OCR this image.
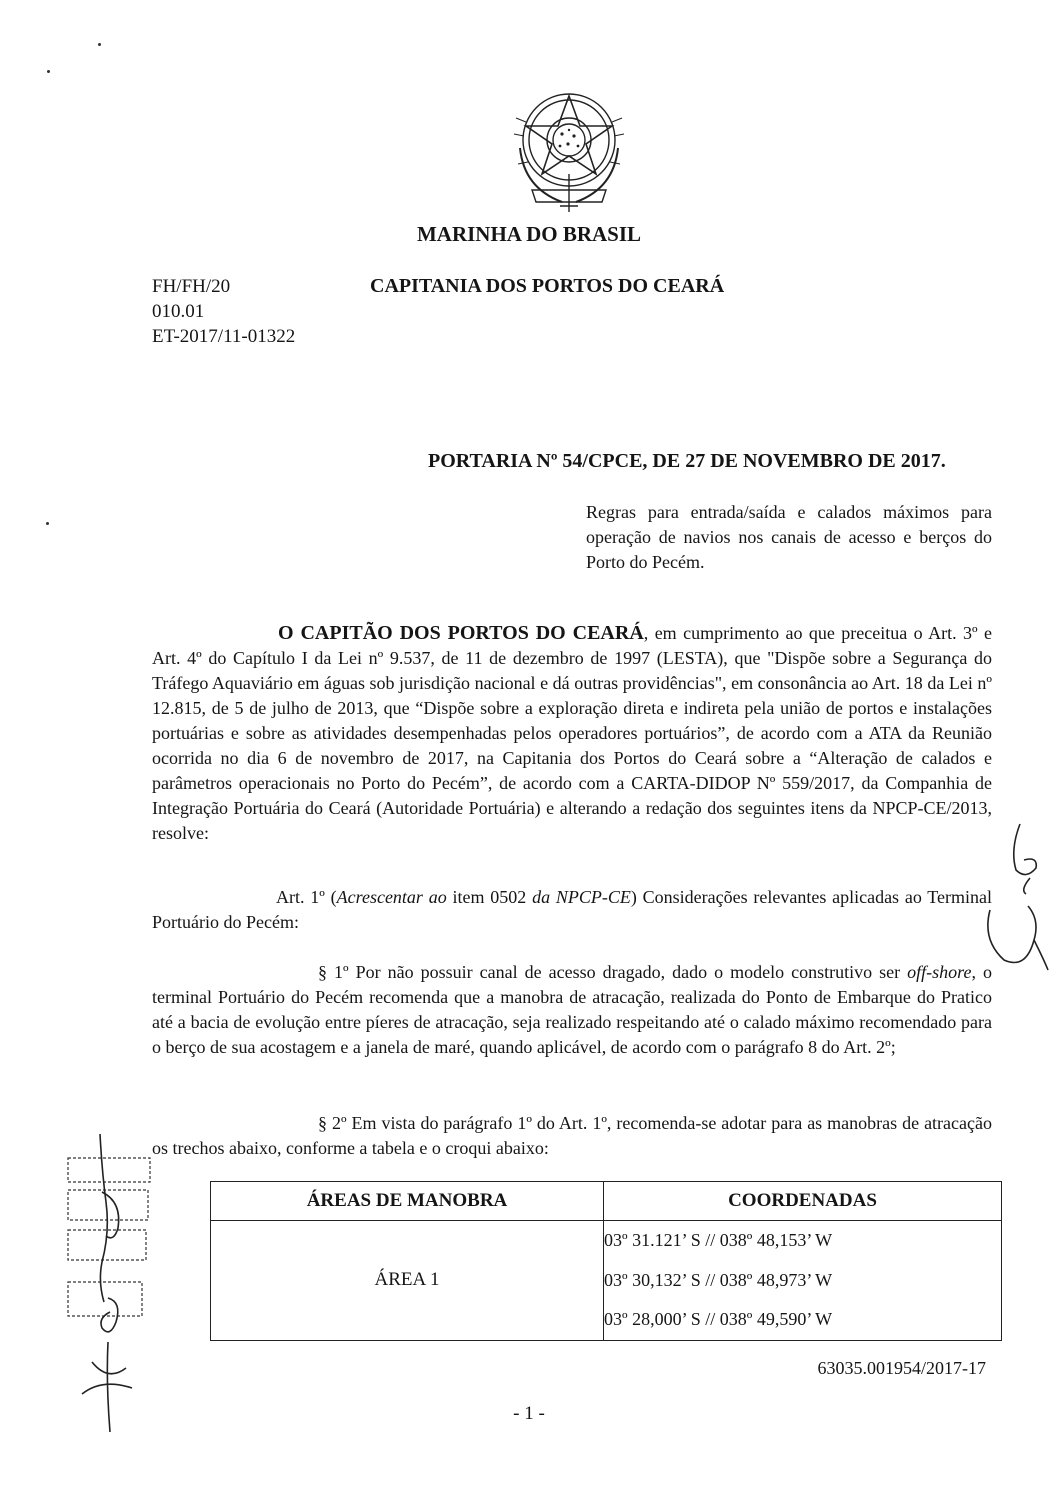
MARINHA DO BRASIL
FH/FH/20
010.01
ET-2017/11-01322
CAPITANIA DOS PORTOS DO CEARÁ
PORTARIA Nº 54/CPCE, DE 27 DE NOVEMBRO DE 2017.
Regras para entrada/saída e calados máximos para operação de navios nos canais de acesso e berços do Porto do Pecém.
O CAPITÃO DOS PORTOS DO CEARÁ, em cumprimento ao que preceitua o Art. 3º e Art. 4º do Capítulo I da Lei nº 9.537, de 11 de dezembro de 1997 (LESTA), que "Dispõe sobre a Segurança do Tráfego Aquaviário em águas sob jurisdição nacional e dá outras providências", em consonância ao Art. 18 da Lei nº 12.815, de 5 de julho de 2013, que “Dispõe sobre a exploração direta e indireta pela união de portos e instalações portuárias e sobre as atividades desempenhadas pelos operadores portuários”, de acordo com a ATA da Reunião ocorrida no dia 6 de novembro de 2017, na Capitania dos Portos do Ceará sobre a “Alteração de calados e parâmetros operacionais no Porto do Pecém”, de acordo com a CARTA-DIDOP Nº 559/2017, da Companhia de Integração Portuária do Ceará (Autoridade Portuária) e alterando a redação dos seguintes itens da NPCP-CE/2013, resolve:
Art. 1º (Acrescentar ao item 0502 da NPCP-CE) Considerações relevantes aplicadas ao Terminal Portuário do Pecém:
§ 1º Por não possuir canal de acesso dragado, dado o modelo construtivo ser off-shore, o terminal Portuário do Pecém recomenda que a manobra de atracação, realizada do Ponto de Embarque do Pratico até a bacia de evolução entre píeres de atracação, seja realizado respeitando até o calado máximo recomendado para o berço de sua acostagem e a janela de maré, quando aplicável, de acordo com o parágrafo 8 do Art. 2º;
§ 2º Em vista do parágrafo 1º do Art. 1º, recomenda-se adotar para as manobras de atracação os trechos abaixo, conforme a tabela e o croqui abaixo:
ÁREAS DE MANOBRA	COORDENADAS
ÁREA 1	03º 31.121’ S // 038º 48,153’ W
03º 30,132’ S // 038º 48,973’ W
03º 28,000’ S // 038º 49,590’ W
63035.001954/2017-17
- 1 -
